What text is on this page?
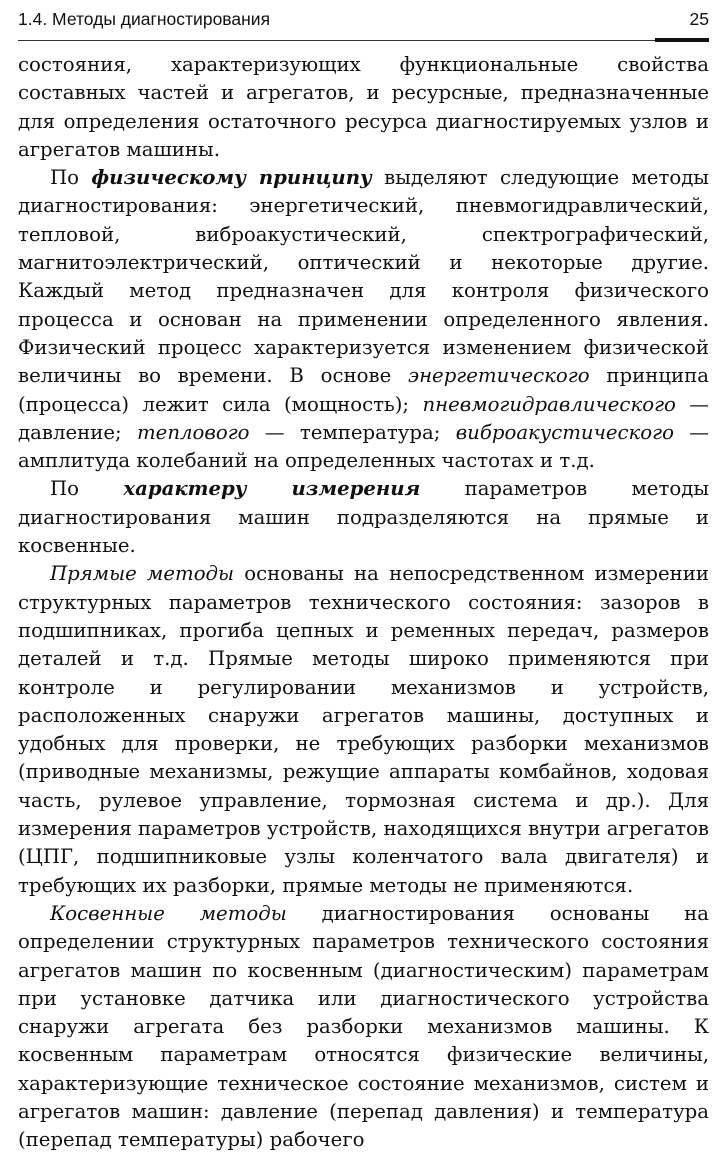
1.4. Методы диагностирования	25

состояния, характеризующих функциональные свойства составных частей и агрегатов, и ресурсные, предназначенные для определения остаточного ресурса диагностируемых узлов и агрегатов машины.

По физическому принципу выделяют следующие методы диагностирования: энергетический, пневмогидравлический, тепловой, виброакустический, спектрографический, магнитоэлектрический, оптический и некоторые другие. Каждый метод предназначен для контроля физического процесса и основан на применении определенного явления. Физический процесс характеризуется изменением физической величины во времени. В основе энергетического принципа (процесса) лежит сила (мощность); пневмогидравлического — давление; теплового — температура; виброакустического — амплитуда колебаний на определенных частотах и т.д.

По характеру измерения параметров методы диагностирования машин подразделяются на прямые и косвенные.

Прямые методы основаны на непосредственном измерении структурных параметров технического состояния: зазоров в подшипниках, прогиба цепных и ременных передач, размеров деталей и т.д. Прямые методы широко применяются при контроле и регулировании механизмов и устройств, расположенных снаружи агрегатов машины, доступных и удобных для проверки, не требующих разборки механизмов (приводные механизмы, режущие аппараты комбайнов, ходовая часть, рулевое управление, тормозная система и др.). Для измерения параметров устройств, находящихся внутри агрегатов (ЦПГ, подшипниковые узлы коленчатого вала двигателя) и требующих их разборки, прямые методы не применяются.

Косвенные методы диагностирования основаны на определении структурных параметров технического состояния агрегатов машин по косвенным (диагностическим) параметрам при установке датчика или диагностического устройства снаружи агрегата без разборки механизмов машины. К косвенным параметрам относятся физические величины, характеризующие техническое состояние механизмов, систем и агрегатов машин: давление (перепад давления) и температура (перепад температуры) рабочего
